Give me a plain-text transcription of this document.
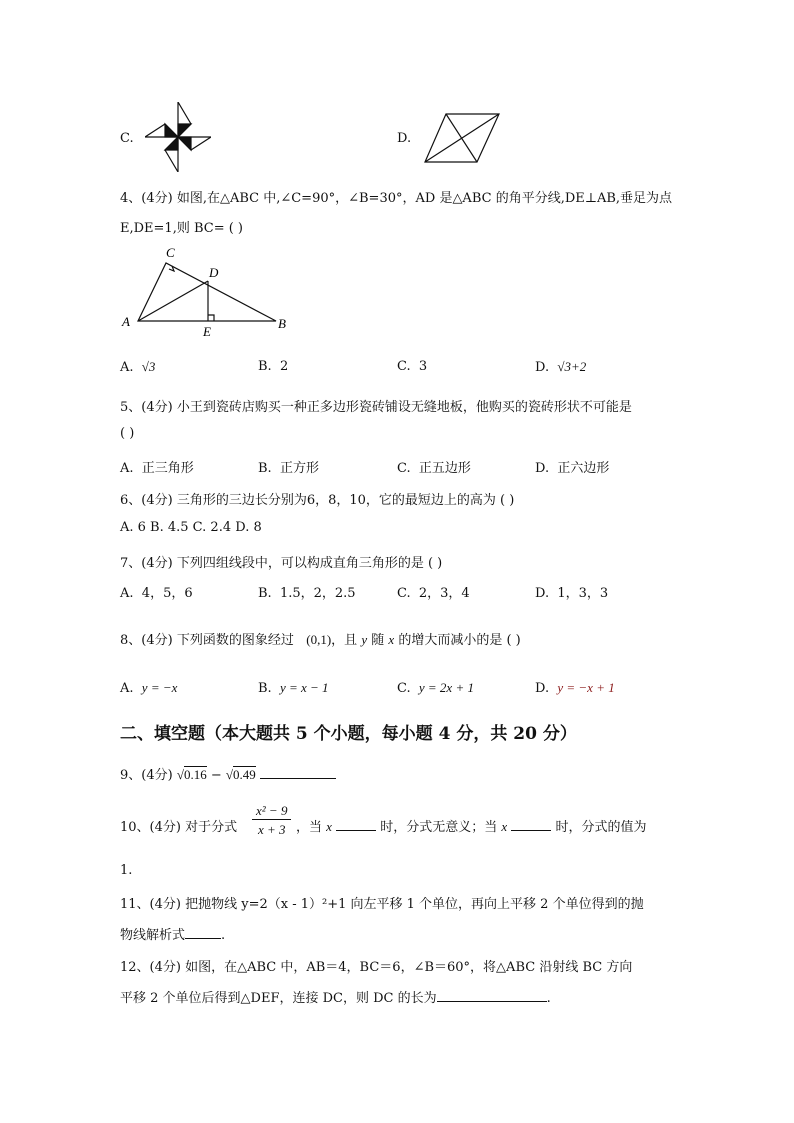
C.	D.
4、(4分) 如图,在△ABC 中,∠C=90°，∠B=30°，AD 是△ABC 的角平分线,DE⊥AB,垂足为点
E,DE=1,则 BC= ( )
C
D
A
E
B
A. √3	B. 2	C. 3	D. √3+2
5、(4分) 小王到瓷砖店购买一种正多边形瓷砖铺设无缝地板，他购买的瓷砖形状不可能是
( )
A. 正三角形	B. 正方形	C. 正五边形	D. 正六边形
6、(4分) 三角形的三边长分别为6，8，10，它的最短边上的高为 ( )
A. 6 B. 4.5 C. 2.4 D. 8
7、(4分) 下列四组线段中，可以构成直角三角形的是 ( )
A. 4，5，6	B. 1.5，2，2.5	C. 2，3，4	D. 1，3，3
8、(4分) 下列函数的图象经过 (0,1)，且 y 随 x 的增大而减小的是 ( )
A. y = −x	B. y = x − 1	C. y = 2x + 1	D. y = −x + 1
二、填空题（本大题共 5 个小题，每小题 4 分，共 20 分）
9、(4分) √0.16 − √0.49
10、(4分) 对于分式
x² − 9
x + 3 ，当 x	时，分式无意义；当 x	时，分式的值为
1.
11、(4分) 把抛物线 y=2（x - 1）²+1 向左平移 1 个单位，再向上平移 2 个单位得到的抛
物线解析式	.
12、(4分) 如图，在△ABC 中，AB＝4，BC＝6，∠B＝60°，将△ABC 沿射线 BC 方向
平移 2 个单位后得到△DEF，连接 DC，则 DC 的长为	.
